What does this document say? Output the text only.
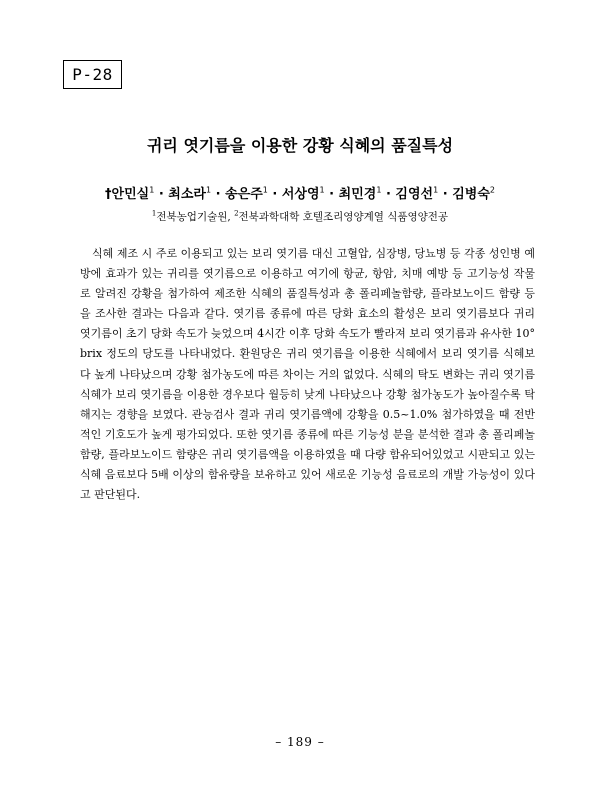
P-28
귀리 엿기름을 이용한 강황 식혜의 품질특성
†안민실$^1$ · 최소라$^1$ · 송은주$^1$ · 서상영$^1$ · 최민경$^1$ · 김영선$^1$ · 김병숙$^2$
$^1$전북농업기술원, $^2$전북과학대학 호텔조리영양계열 식품영양전공

식혜 제조 시 주로 이용되고 있는 보리 엿기름 대신 고혈압, 심장병, 당뇨병 등 각종 성인병 예방에 효과가 있는 귀리를 엿기름으로 이용하고 여기에 항균, 항암, 치매 예방 등 고기능성 작물로 알려진 강황을 첨가하여 제조한 식혜의 품질특성과 총 폴리페놀함량, 플라보노이드 함량 등을 조사한 결과는 다음과 같다. 엿기름 종류에 따른 당화 효소의 활성은 보리 엿기름보다 귀리 엿기름이 초기 당화 속도가 늦었으며 4시간 이후 당화 속도가 빨라져 보리 엿기름과 유사한 10° brix 정도의 당도를 나타내었다. 환원당은 귀리 엿기름을 이용한 식혜에서 보리 엿기름 식혜보다 높게 나타났으며 강황 첨가농도에 따른 차이는 거의 없었다. 식혜의 탁도 변화는 귀리 엿기름 식혜가 보리 엿기름을 이용한 경우보다 월등히 낮게 나타났으나 강황 첨가농도가 높아질수록 탁해지는 경향을 보였다. 관능검사 결과 귀리 엿기름액에 강황을 0.5~1.0% 첨가하였을 때 전반적인 기호도가 높게 평가되었다. 또한 엿기름 종류에 따른 기능성 분을 분석한 결과 총 폴리페놀함량, 플라보노이드 함량은 귀리 엿기름액을 이용하였을 때 다량 함유되어있었고 시판되고 있는 식혜 음료보다 5배 이상의 함유량을 보유하고 있어 새로운 기능성 음료로의 개발 가능성이 있다고 판단된다.

– 189 –
